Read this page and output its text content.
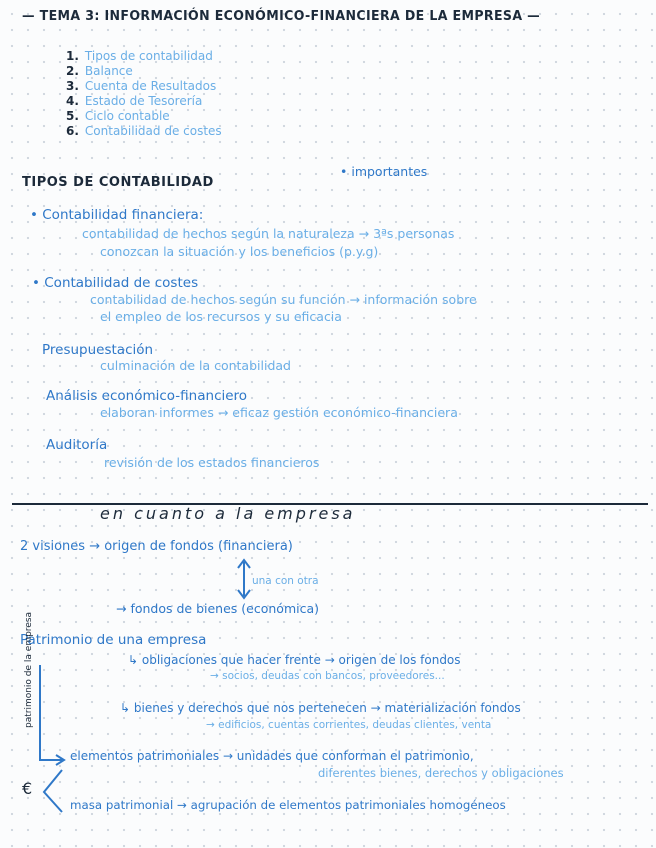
— TEMA 3: INFORMACIÓN ECONÓMICO-FINANCIERA DE LA EMPRESA —
1. Tipos de contabilidad
2. Balance
3. Cuenta de Resultados
4. Estado de Tesorería
5. Ciclo contable
6. Contabilidad de costes
TIPOS DE CONTABILIDAD
• importantes
• Contabilidad financiera:
contabilidad de hechos según la naturaleza → 3ªs personas
conozcan la situación y los beneficios (p.y.g)
• Contabilidad de costes
contabilidad de hechos según su función → información sobre
el empleo de los recursos y su eficacia
Presupuestación
culminación de la contabilidad
Análisis económico-financiero
elaboran informes → eficaz gestión económico-financiera
Auditoría
revisión de los estados financieros
en cuanto a la empresa
2 visiones → origen de fondos (financiera)
una con otra
→ fondos de bienes (económica)
Patrimonio de una empresa
↳ obligaciones que hacer frente → origen de los fondos
→ socios, deudas con bancos, proveedores...
↳ bienes y derechos que nos pertenecen → materialización fondos
→ edificios, cuentas corrientes, deudas clientes, venta
patrimonio de la empresa
€
elementos patrimoniales → unidades que conforman el patrimonio,
diferentes bienes, derechos y obligaciones
masa patrimonial → agrupación de elementos patrimoniales homogéneos
